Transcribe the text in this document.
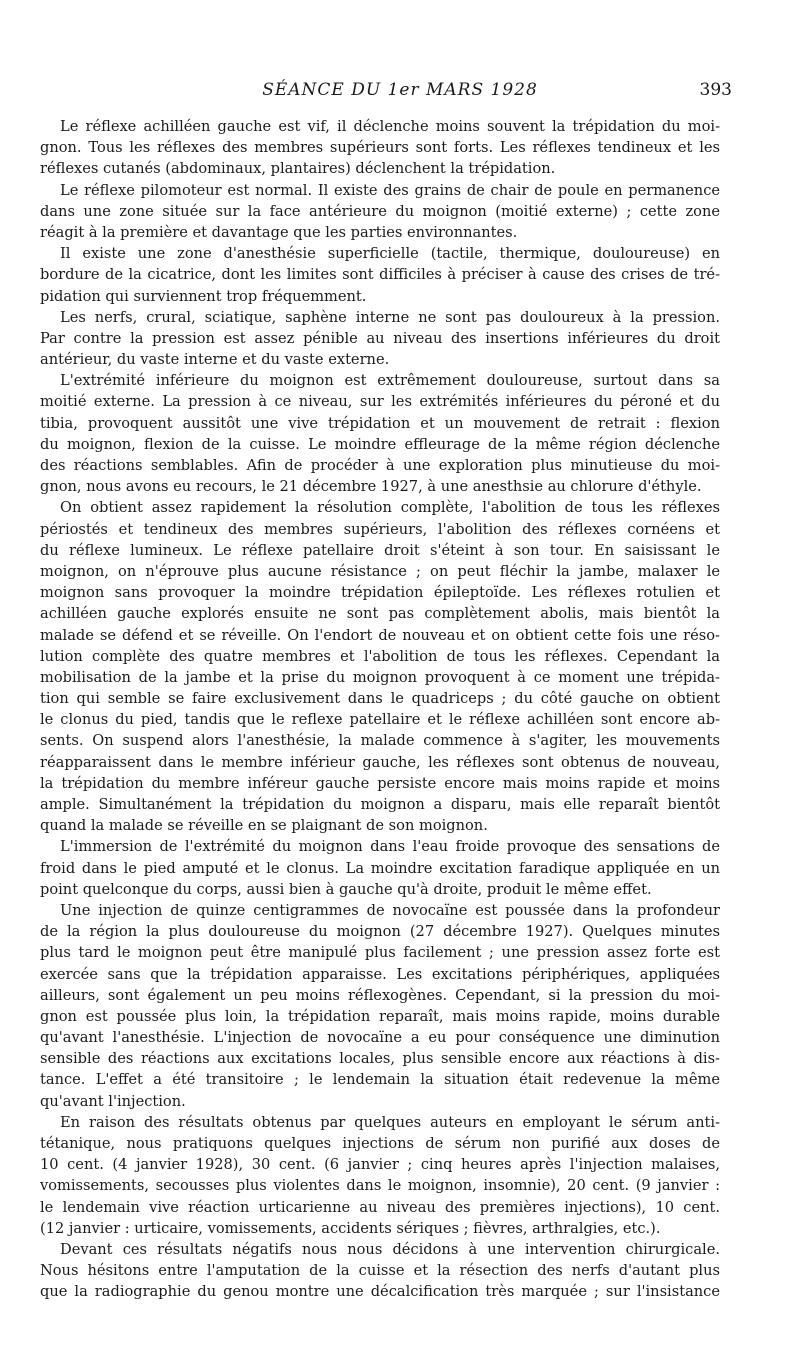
SÉANCE DU 1er MARS 1928	393
Le réflexe achilléen gauche est vif, il déclenche moins souvent la trépidation du moi-
gnon. Tous les réflexes des membres supérieurs sont forts. Les réflexes tendineux et les
réflexes cutanés (abdominaux, plantaires) déclenchent la trépidation.
Le réflexe pilomoteur est normal. Il existe des grains de chair de poule en permanence
dans une zone située sur la face antérieure du moignon (moitié externe) ; cette zone
réagit à la première et davantage que les parties environnantes.
Il existe une zone d'anesthésie superficielle (tactile, thermique, douloureuse) en
bordure de la cicatrice, dont les limites sont difficiles à préciser à cause des crises de tré-
pidation qui surviennent trop fréquemment.
Les nerfs, crural, sciatique, saphène interne ne sont pas douloureux à la pression.
Par contre la pression est assez pénible au niveau des insertions inférieures du droit
antérieur, du vaste interne et du vaste externe.
L'extrémité inférieure du moignon est extrêmement douloureuse, surtout dans sa
moitié externe. La pression à ce niveau, sur les extrémités inférieures du péroné et du
tibia, provoquent aussitôt une vive trépidation et un mouvement de retrait : flexion
du moignon, flexion de la cuisse. Le moindre effleurage de la même région déclenche
des réactions semblables. Afin de procéder à une exploration plus minutieuse du moi-
gnon, nous avons eu recours, le 21 décembre 1927, à une anesthsie au chlorure d'éthyle.
On obtient assez rapidement la résolution complète, l'abolition de tous les réflexes
périostés et tendineux des membres supérieurs, l'abolition des réflexes cornéens et
du réflexe lumineux. Le réflexe patellaire droit s'éteint à son tour. En saisissant le
moignon, on n'éprouve plus aucune résistance ; on peut fléchir la jambe, malaxer le
moignon sans provoquer la moindre trépidation épileptoïde. Les réflexes rotulien et
achilléen gauche explorés ensuite ne sont pas complètement abolis, mais bientôt la
malade se défend et se réveille. On l'endort de nouveau et on obtient cette fois une réso-
lution complète des quatre membres et l'abolition de tous les réflexes. Cependant la
mobilisation de la jambe et la prise du moignon provoquent à ce moment une trépida-
tion qui semble se faire exclusivement dans le quadriceps ; du côté gauche on obtient
le clonus du pied, tandis que le reflexe patellaire et le réflexe achilléen sont encore ab-
sents. On suspend alors l'anesthésie, la malade commence à s'agiter, les mouvements
réapparaissent dans le membre inférieur gauche, les réflexes sont obtenus de nouveau,
la trépidation du membre inféreur gauche persiste encore mais moins rapide et moins
ample. Simultanément la trépidation du moignon a disparu, mais elle reparaît bientôt
quand la malade se réveille en se plaignant de son moignon.
L'immersion de l'extrémité du moignon dans l'eau froide provoque des sensations de
froid dans le pied amputé et le clonus. La moindre excitation faradique appliquée en un
point quelconque du corps, aussi bien à gauche qu'à droite, produit le même effet.
Une injection de quinze centigrammes de novocaïne est poussée dans la profondeur
de la région la plus douloureuse du moignon (27 décembre 1927). Quelques minutes
plus tard le moignon peut être manipulé plus facilement ; une pression assez forte est
exercée sans que la trépidation apparaisse. Les excitations périphériques, appliquées
ailleurs, sont également un peu moins réflexogènes. Cependant, si la pression du moi-
gnon est poussée plus loin, la trépidation reparaît, mais moins rapide, moins durable
qu'avant l'anesthésie. L'injection de novocaïne a eu pour conséquence une diminution
sensible des réactions aux excitations locales, plus sensible encore aux réactions à dis-
tance. L'effet a été transitoire ; le lendemain la situation était redevenue la même
qu'avant l'injection.
En raison des résultats obtenus par quelques auteurs en employant le sérum anti-
tétanique, nous pratiquons quelques injections de sérum non purifié aux doses de
10 cent. (4 janvier 1928), 30 cent. (6 janvier ; cinq heures après l'injection malaises,
vomissements, secousses plus violentes dans le moignon, insomnie), 20 cent. (9 janvier :
le lendemain vive réaction urticarienne au niveau des premières injections), 10 cent.
(12 janvier : urticaire, vomissements, accidents sériques ; fièvres, arthralgies, etc.).
Devant ces résultats négatifs nous nous décidons à une intervention chirurgicale.
Nous hésitons entre l'amputation de la cuisse et la résection des nerfs d'autant plus
que la radiographie du genou montre une décalcification très marquée ; sur l'insistance
